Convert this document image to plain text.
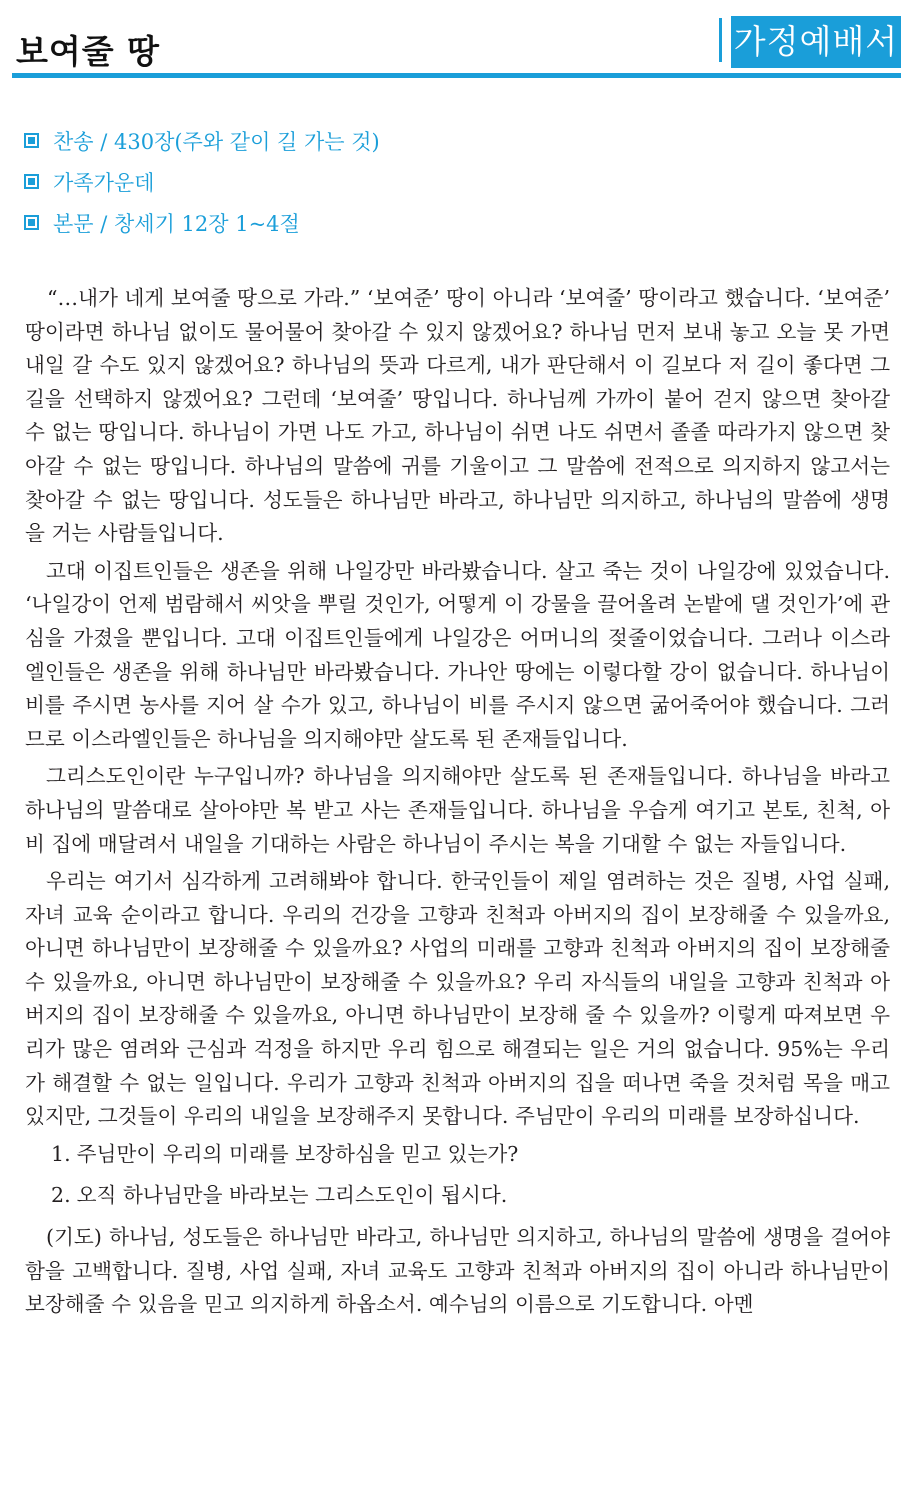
보여줄 땅	가정예배서
찬송 / 430장(주와 같이 길 가는 것)
가족가운데
본문 / 창세기 12장 1~4절

“…내가 네게 보여줄 땅으로 가라.” ‘보여준’ 땅이 아니라 ‘보여줄’ 땅이라고 했습니다. ‘보여준’ 땅이라면 하나님 없이도 물어물어 찾아갈 수 있지 않겠어요? 하나님 먼저 보내 놓고 오늘 못 가면 내일 갈 수도 있지 않겠어요? 하나님의 뜻과 다르게, 내가 판단해서 이 길보다 저 길이 좋다면 그 길을 선택하지 않겠어요? 그런데 ‘보여줄’ 땅입니다. 하나님께 가까이 붙어 걷지 않으면 찾아갈 수 없는 땅입니다. 하나님이 가면 나도 가고, 하나님이 쉬면 나도 쉬면서 졸졸 따라가지 않으면 찾아갈 수 없는 땅입니다. 하나님의 말씀에 귀를 기울이고 그 말씀에 전적으로 의지하지 않고서는 찾아갈 수 없는 땅입니다. 성도들은 하나님만 바라고, 하나님만 의지하고, 하나님의 말씀에 생명을 거는 사람들입니다.

고대 이집트인들은 생존을 위해 나일강만 바라봤습니다. 살고 죽는 것이 나일강에 있었습니다. ‘나일강이 언제 범람해서 씨앗을 뿌릴 것인가, 어떻게 이 강물을 끌어올려 논밭에 댈 것인가’에 관심을 가졌을 뿐입니다. 고대 이집트인들에게 나일강은 어머니의 젖줄이었습니다. 그러나 이스라엘인들은 생존을 위해 하나님만 바라봤습니다. 가나안 땅에는 이렇다할 강이 없습니다. 하나님이 비를 주시면 농사를 지어 살 수가 있고, 하나님이 비를 주시지 않으면 굶어죽어야 했습니다. 그러므로 이스라엘인들은 하나님을 의지해야만 살도록 된 존재들입니다.

그리스도인이란 누구입니까? 하나님을 의지해야만 살도록 된 존재들입니다. 하나님을 바라고 하나님의 말씀대로 살아야만 복 받고 사는 존재들입니다. 하나님을 우습게 여기고 본토, 친척, 아비 집에 매달려서 내일을 기대하는 사람은 하나님이 주시는 복을 기대할 수 없는 자들입니다.

우리는 여기서 심각하게 고려해봐야 합니다. 한국인들이 제일 염려하는 것은 질병, 사업 실패, 자녀 교육 순이라고 합니다. 우리의 건강을 고향과 친척과 아버지의 집이 보장해줄 수 있을까요, 아니면 하나님만이 보장해줄 수 있을까요? 사업의 미래를 고향과 친척과 아버지의 집이 보장해줄 수 있을까요, 아니면 하나님만이 보장해줄 수 있을까요? 우리 자식들의 내일을 고향과 친척과 아버지의 집이 보장해줄 수 있을까요, 아니면 하나님만이 보장해 줄 수 있을까? 이렇게 따져보면 우리가 많은 염려와 근심과 걱정을 하지만 우리 힘으로 해결되는 일은 거의 없습니다. 95%는 우리가 해결할 수 없는 일입니다. 우리가 고향과 친척과 아버지의 집을 떠나면 죽을 것처럼 목을 매고 있지만, 그것들이 우리의 내일을 보장해주지 못합니다. 주님만이 우리의 미래를 보장하십니다.

1. 주님만이 우리의 미래를 보장하심을 믿고 있는가?
2. 오직 하나님만을 바라보는 그리스도인이 됩시다.

(기도) 하나님, 성도들은 하나님만 바라고, 하나님만 의지하고, 하나님의 말씀에 생명을 걸어야 함을 고백합니다. 질병, 사업 실패, 자녀 교육도 고향과 친척과 아버지의 집이 아니라 하나님만이 보장해줄 수 있음을 믿고 의지하게 하옵소서. 예수님의 이름으로 기도합니다. 아멘
